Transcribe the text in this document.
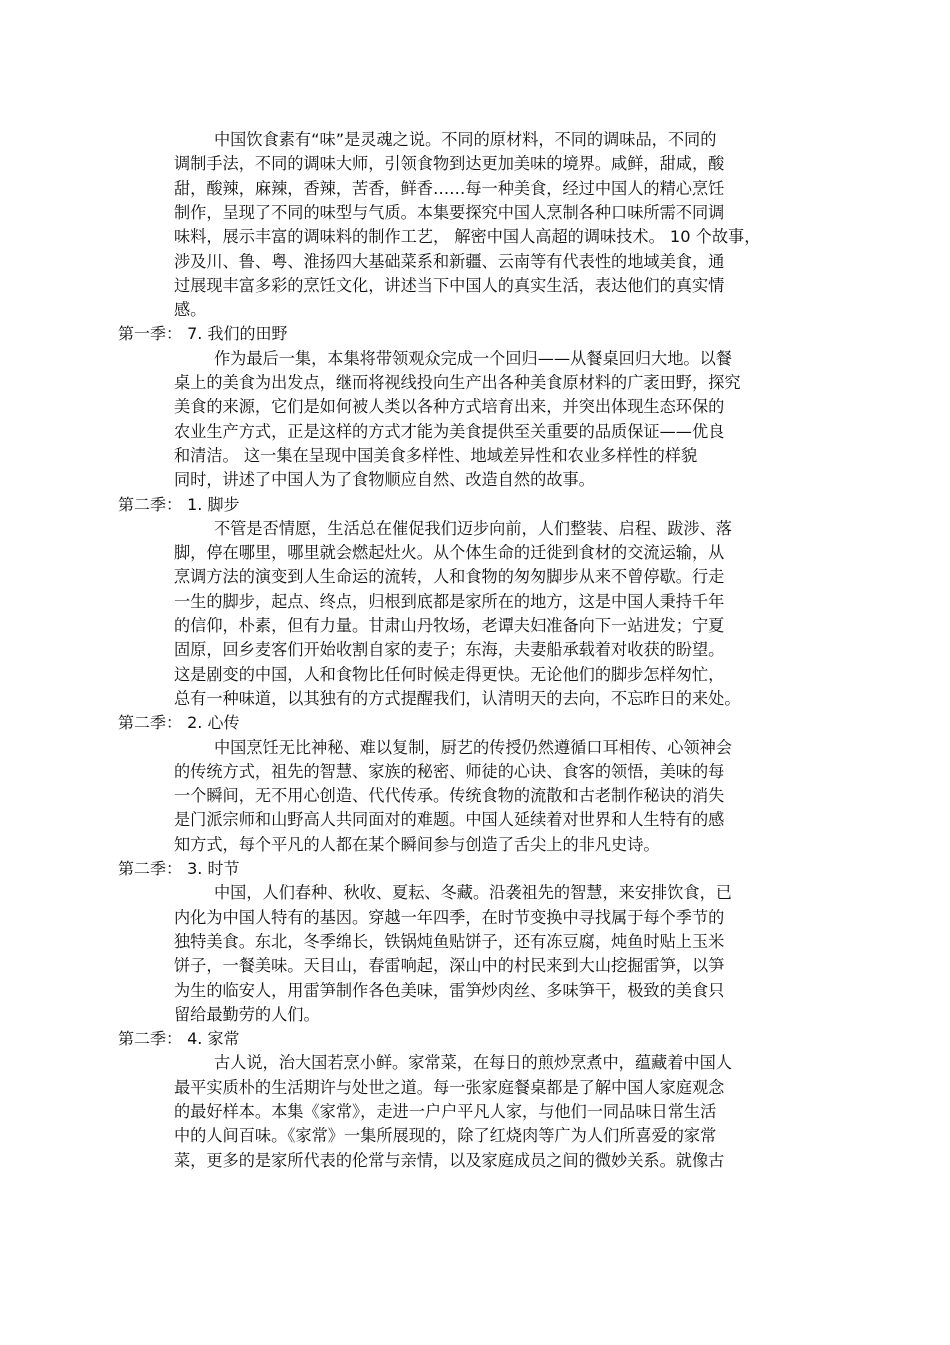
中国饮食素有“味”是灵魂之说。不同的原材料，不同的调味品，不同的
调制手法，不同的调味大师，引领食物到达更加美味的境界。咸鲜，甜咸，酸
甜，酸辣，麻辣，香辣，苦香，鲜香……每一种美食，经过中国人的精心烹饪
制作，呈现了不同的味型与气质。本集要探究中国人烹制各种口味所需不同调
味料，展示丰富的调味料的制作工艺， 解密中国人高超的调味技术。 10 个故事，
涉及川、鲁、粤、淮扬四大基础菜系和新疆、云南等有代表性的地域美食，通
过展现丰富多彩的烹饪文化，讲述当下中国人的真实生活，表达他们的真实情
感。
第一季： 7. 我们的田野
作为最后一集，本集将带领观众完成一个回归——从餐桌回归大地。以餐
桌上的美食为出发点，继而将视线投向生产出各种美食原材料的广袤田野，探究
美食的来源，它们是如何被人类以各种方式培育出来，并突出体现生态环保的
农业生产方式，正是这样的方式才能为美食提供至关重要的品质保证——优良
和清洁。 这一集在呈现中国美食多样性、地域差异性和农业多样性的样貌
同时，讲述了中国人为了食物顺应自然、改造自然的故事。
第二季： 1. 脚步
不管是否情愿，生活总在催促我们迈步向前，人们整装、启程、跋涉、落
脚，停在哪里，哪里就会燃起灶火。从个体生命的迁徙到食材的交流运输，从
烹调方法的演变到人生命运的流转，人和食物的匆匆脚步从来不曾停歇。行走
一生的脚步，起点、终点，归根到底都是家所在的地方，这是中国人秉持千年
的信仰，朴素，但有力量。甘肃山丹牧场，老谭夫妇准备向下一站进发；宁夏
固原，回乡麦客们开始收割自家的麦子；东海，夫妻船承载着对收获的盼望。
这是剧变的中国，人和食物比任何时候走得更快。无论他们的脚步怎样匆忙，
总有一种味道，以其独有的方式提醒我们，认清明天的去向，不忘昨日的来处。
第二季： 2. 心传
中国烹饪无比神秘、难以复制，厨艺的传授仍然遵循口耳相传、心领神会
的传统方式，祖先的智慧、家族的秘密、师徒的心诀、食客的领悟，美味的每
一个瞬间，无不用心创造、代代传承。传统食物的流散和古老制作秘诀的消失
是门派宗师和山野高人共同面对的难题。中国人延续着对世界和人生特有的感
知方式，每个平凡的人都在某个瞬间参与创造了舌尖上的非凡史诗。
第二季： 3. 时节
中国，人们春种、秋收、夏耘、冬藏。沿袭祖先的智慧，来安排饮食，已
内化为中国人特有的基因。穿越一年四季，在时节变换中寻找属于每个季节的
独特美食。东北，冬季绵长，铁锅炖鱼贴饼子，还有冻豆腐，炖鱼时贴上玉米
饼子，一餐美味。天目山，春雷响起，深山中的村民来到大山挖掘雷笋，以笋
为生的临安人，用雷笋制作各色美味，雷笋炒肉丝、多味笋干，极致的美食只
留给最勤劳的人们。
第二季： 4. 家常
古人说，治大国若烹小鲜。家常菜，在每日的煎炒烹煮中，蕴藏着中国人
最平实质朴的生活期许与处世之道。每一张家庭餐桌都是了解中国人家庭观念
的最好样本。本集《家常》，走进一户户平凡人家，与他们一同品味日常生活
中的人间百味。《家常》一集所展现的，除了红烧肉等广为人们所喜爱的家常
菜，更多的是家所代表的伦常与亲情，以及家庭成员之间的微妙关系。就像古
